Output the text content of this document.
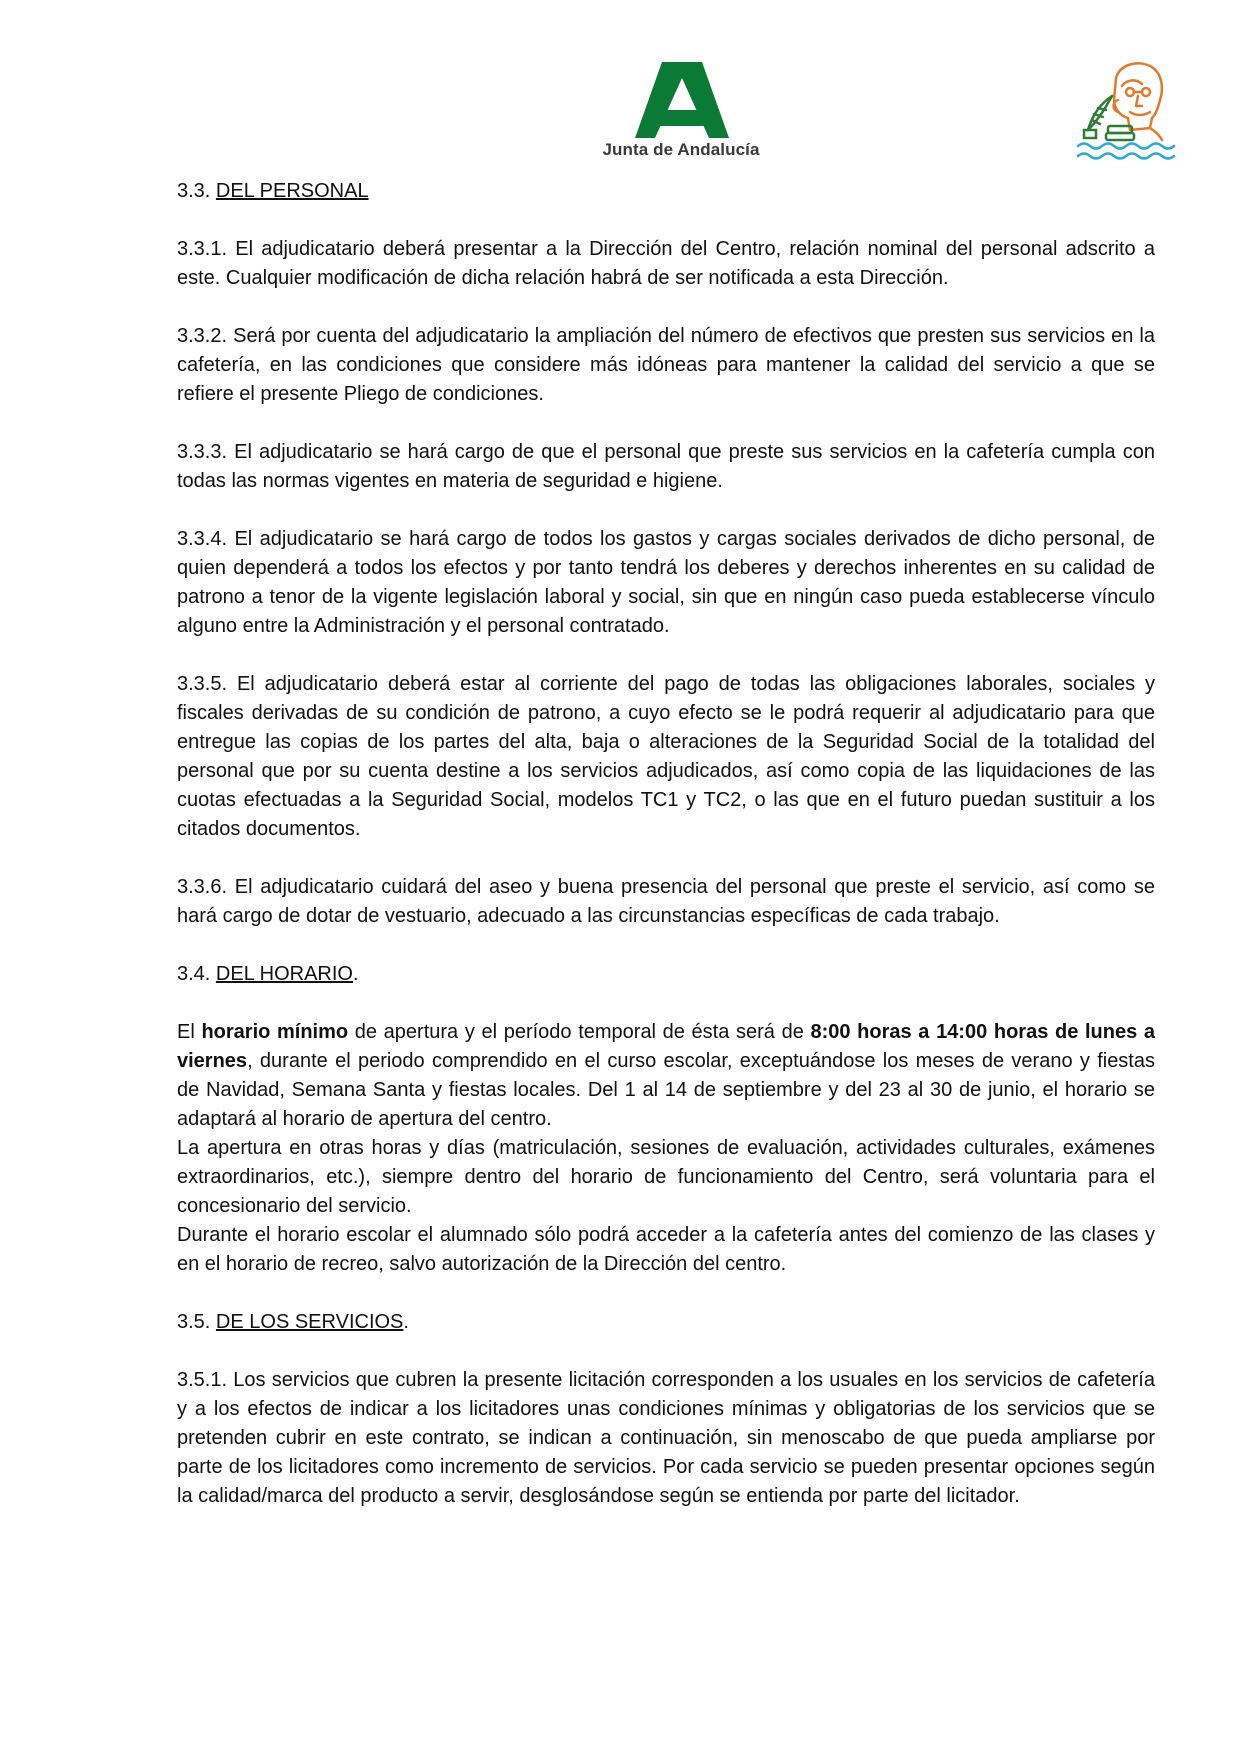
Junta de Andalucía
3.3. DEL PERSONAL

3.3.1. El adjudicatario deberá presentar a la Dirección del Centro, relación nominal del personal adscrito a este. Cualquier modificación de dicha relación habrá de ser notificada a esta Dirección.

3.3.2. Será por cuenta del adjudicatario la ampliación del número de efectivos que presten sus servicios en la cafetería, en las condiciones que considere más idóneas para mantener la calidad del servicio a que se refiere el presente Pliego de condiciones.

3.3.3. El adjudicatario se hará cargo de que el personal que preste sus servicios en la cafetería cumpla con todas las normas vigentes en materia de seguridad e higiene.

3.3.4. El adjudicatario se hará cargo de todos los gastos y cargas sociales derivados de dicho personal, de quien dependerá a todos los efectos y por tanto tendrá los deberes y derechos inherentes en su calidad de patrono a tenor de la vigente legislación laboral y social, sin que en ningún caso pueda establecerse vínculo alguno entre la Administración y el personal contratado.

3.3.5. El adjudicatario deberá estar al corriente del pago de todas las obligaciones laborales, sociales y fiscales derivadas de su condición de patrono, a cuyo efecto se le podrá requerir al adjudicatario para que entregue las copias de los partes del alta, baja o alteraciones de la Seguridad Social de la totalidad del personal que por su cuenta destine a los servicios adjudicados, así como copia de las liquidaciones de las cuotas efectuadas a la Seguridad Social, modelos TC1 y TC2, o las que en el futuro puedan sustituir a los citados documentos.

3.3.6. El adjudicatario cuidará del aseo y buena presencia del personal que preste el servicio, así como se hará cargo de dotar de vestuario, adecuado a las circunstancias específicas de cada trabajo.

3.4. DEL HORARIO.

El horario mínimo de apertura y el período temporal de ésta será de 8:00 horas a 14:00 horas de lunes a viernes, durante el periodo comprendido en el curso escolar, exceptuándose los meses de verano y fiestas de Navidad, Semana Santa y fiestas locales. Del 1 al 14 de septiembre y del 23 al 30 de junio, el horario se adaptará al horario de apertura del centro.

La apertura en otras horas y días (matriculación, sesiones de evaluación, actividades culturales, exámenes extraordinarios, etc.), siempre dentro del horario de funcionamiento del Centro, será voluntaria para el concesionario del servicio.

Durante el horario escolar el alumnado sólo podrá acceder a la cafetería antes del comienzo de las clases y en el horario de recreo, salvo autorización de la Dirección del centro.

3.5. DE LOS SERVICIOS.

3.5.1. Los servicios que cubren la presente licitación corresponden a los usuales en los servicios de cafetería y a los efectos de indicar a los licitadores unas condiciones mínimas y obligatorias de los servicios que se pretenden cubrir en este contrato, se indican a continuación, sin menoscabo de que pueda ampliarse por parte de los licitadores como incremento de servicios. Por cada servicio se pueden presentar opciones según la calidad/marca del producto a servir, desglosándose según se entienda por parte del licitador.
